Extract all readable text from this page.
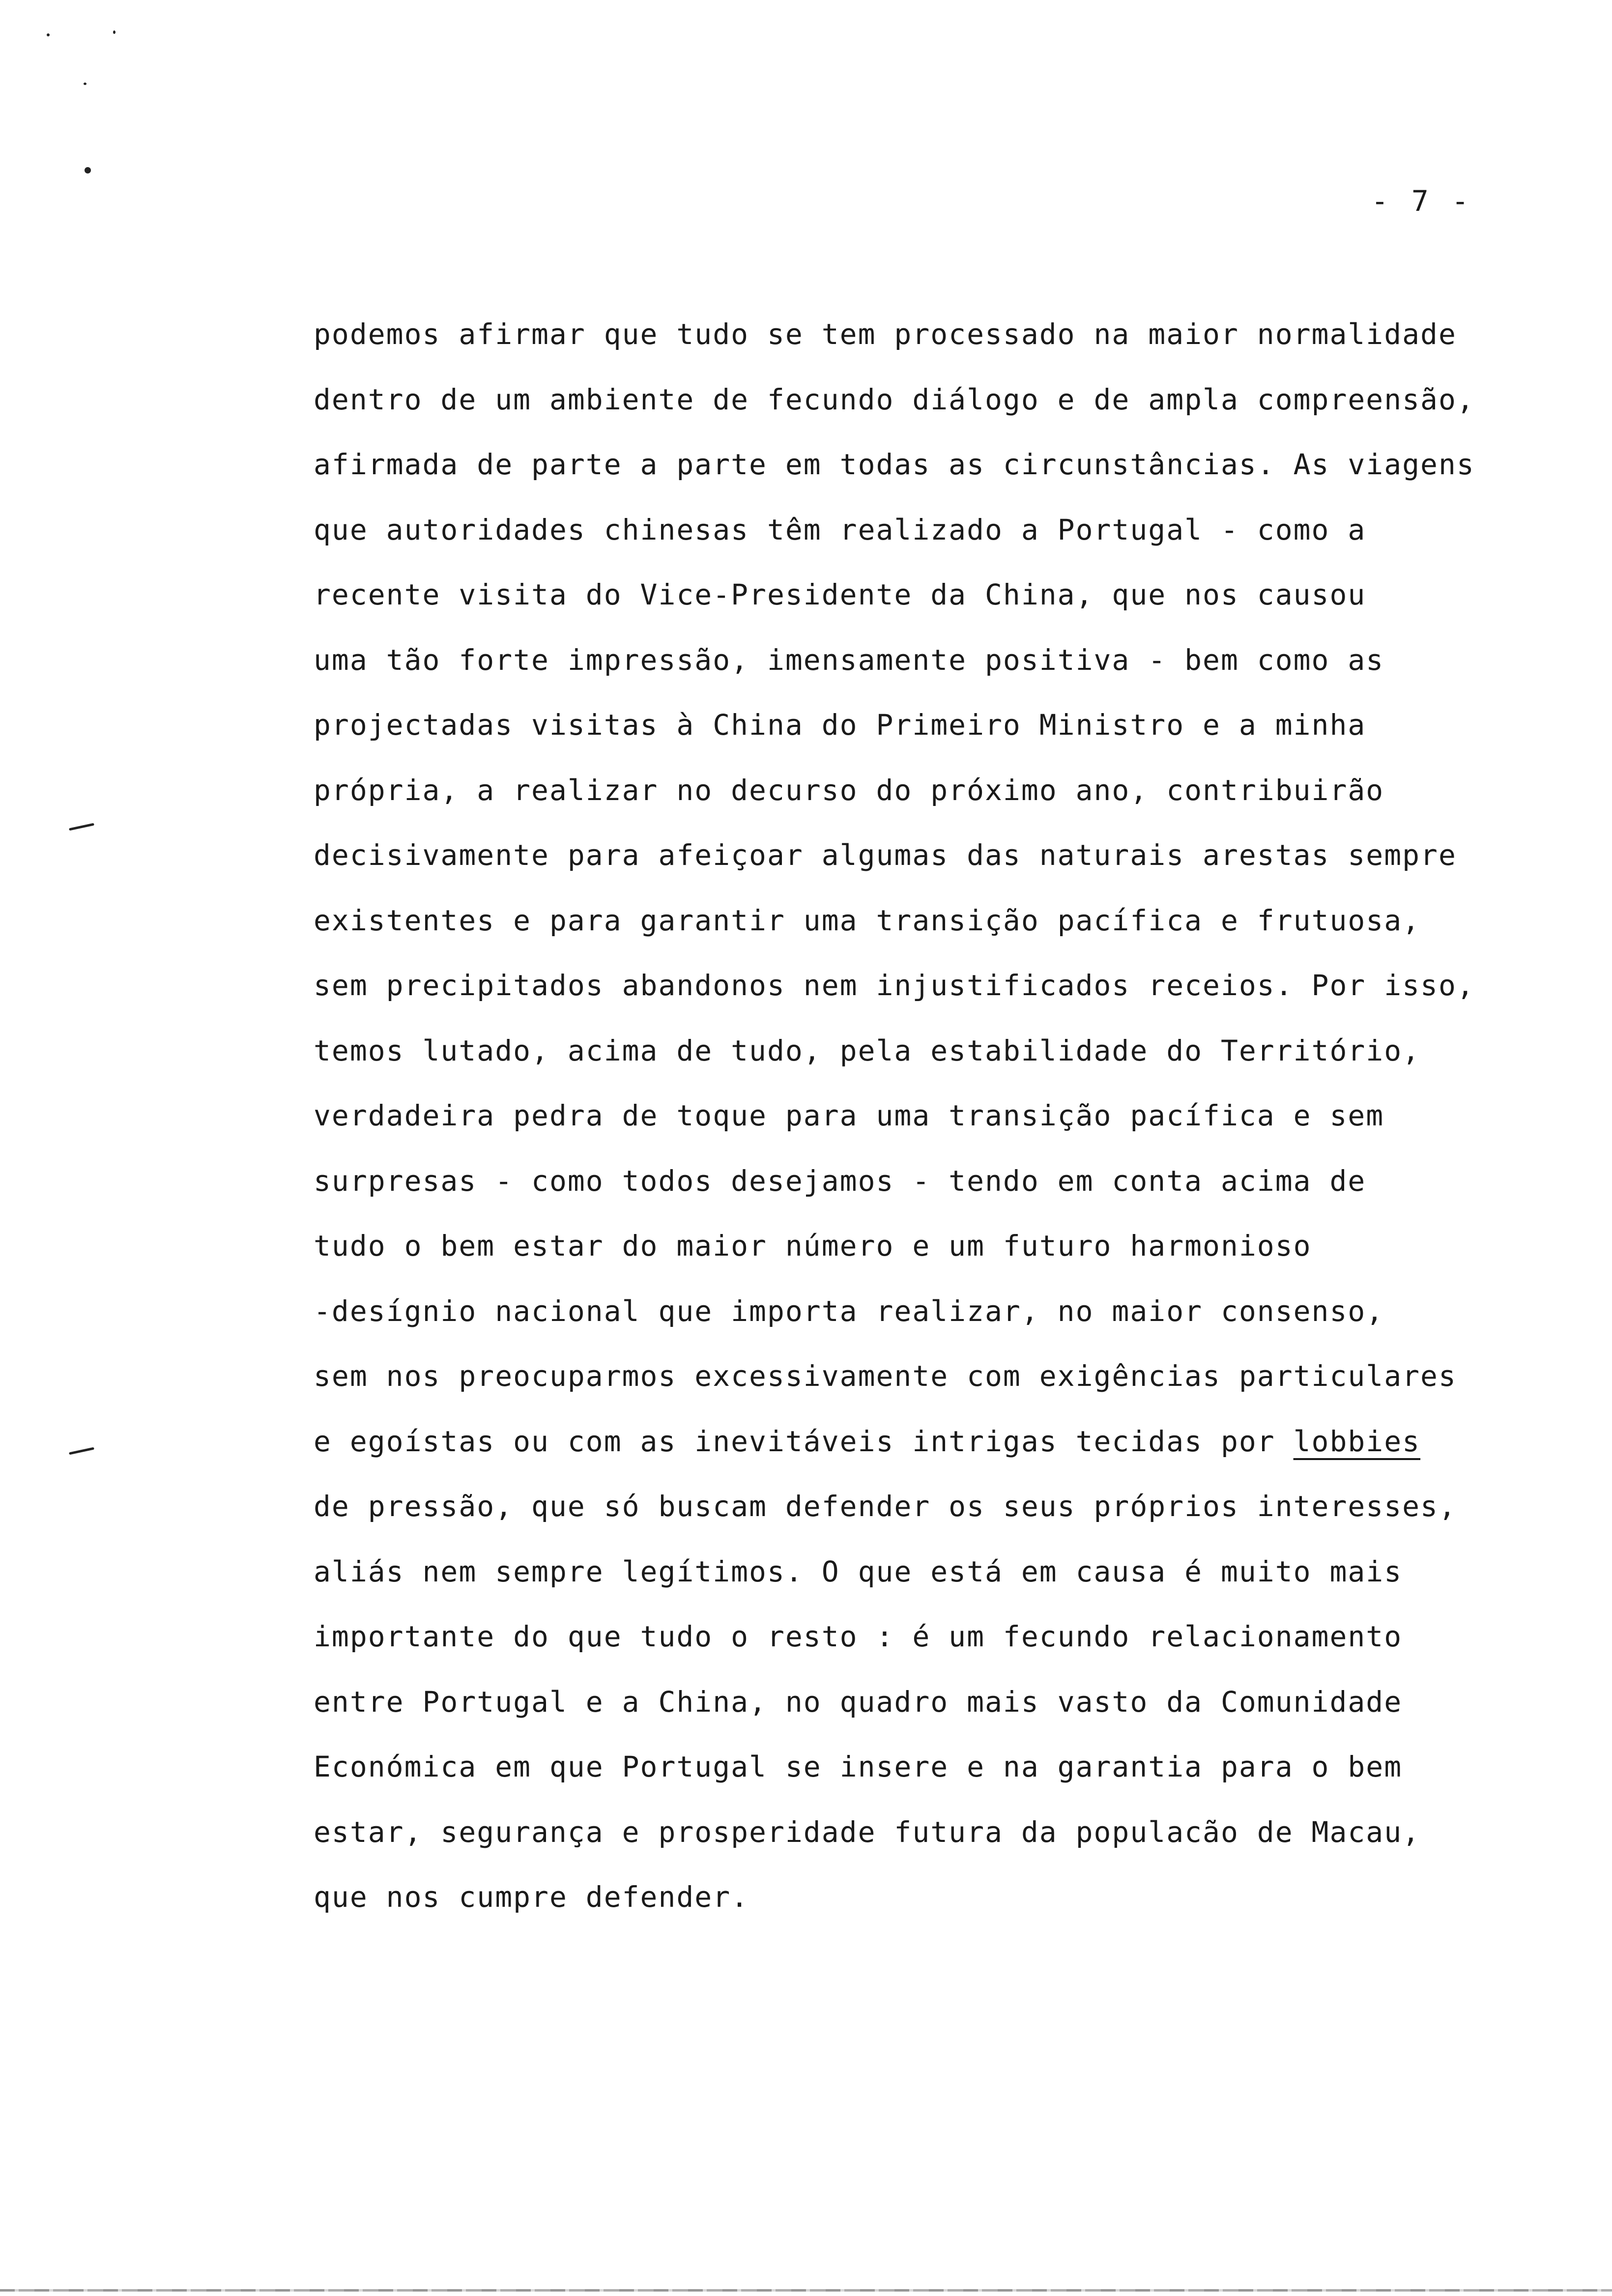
- 7 -
podemos afirmar que tudo se tem processado na maior normalidade
dentro de um ambiente de fecundo diálogo e de ampla compreensão,
afirmada de parte a parte em todas as circunstâncias. As viagens
que autoridades chinesas têm realizado a Portugal - como a
recente visita do Vice-Presidente da China, que nos causou
uma tão forte impressão, imensamente positiva - bem como as
projectadas visitas à China do Primeiro Ministro e a minha
própria, a realizar no decurso do próximo ano, contribuirão
decisivamente para afeiçoar algumas das naturais arestas sempre
existentes e para garantir uma transição pacífica e frutuosa,
sem precipitados abandonos nem injustificados receios. Por isso,
temos lutado, acima de tudo, pela estabilidade do Território,
verdadeira pedra de toque para uma transição pacífica e sem
surpresas - como todos desejamos - tendo em conta acima de
tudo o bem estar do maior número e um futuro harmonioso
-desígnio nacional que importa realizar, no maior consenso,
sem nos preocuparmos excessivamente com exigências particulares
e egoístas ou com as inevitáveis intrigas tecidas por lobbies
de pressão, que só buscam defender os seus próprios interesses,
aliás nem sempre legítimos. O que está em causa é muito mais
importante do que tudo o resto : é um fecundo relacionamento
entre Portugal e a China, no quadro mais vasto da Comunidade
Económica em que Portugal se insere e na garantia para o bem
estar, segurança e prosperidade futura da populacão de Macau,
que nos cumpre defender.
